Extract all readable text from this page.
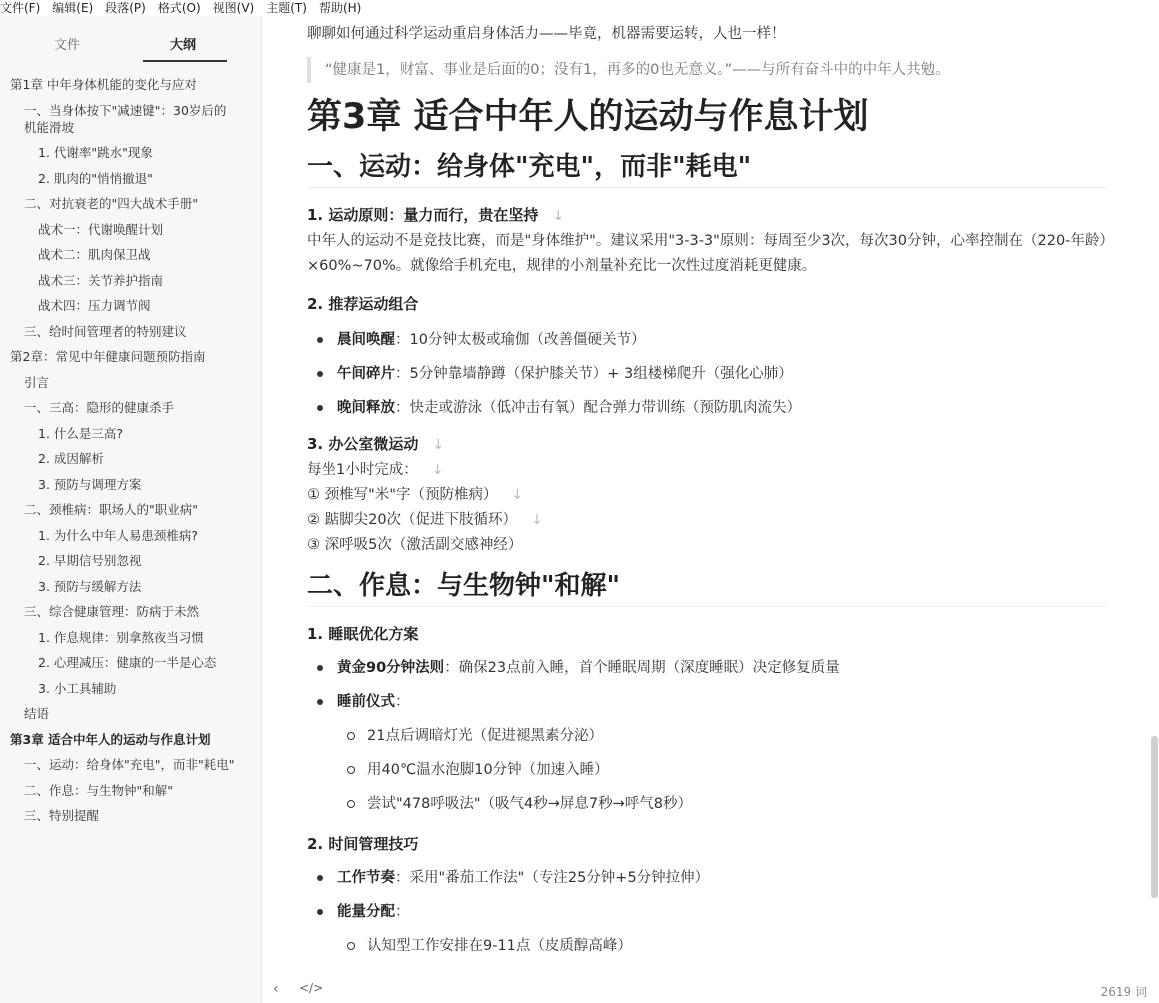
文件(F) 编辑(E) 段落(P) 格式(O) 视图(V) 主题(T) 帮助(H)
文件	大纲
第1章 中年身体机能的变化与应对
一、当身体按下"减速键"：30岁后的机能滑坡
1. 代谢率"跳水"现象
2. 肌肉的"悄悄撤退"
二、对抗衰老的"四大战术手册"
战术一：代谢唤醒计划
战术二：肌肉保卫战
战术三：关节养护指南
战术四：压力调节阀
三、给时间管理者的特别建议
第2章：常见中年健康问题预防指南
引言
一、三高：隐形的健康杀手
1. 什么是三高?
2. 成因解析
3. 预防与调理方案
二、颈椎病：职场人的"职业病"
1. 为什么中年人易患颈椎病?
2. 早期信号别忽视
3. 预防与缓解方法
三、综合健康管理：防病于未然
1. 作息规律：别拿熬夜当习惯
2. 心理减压：健康的一半是心态
3. 小工具辅助
结语
第3章 适合中年人的运动与作息计划
一、运动：给身体"充电"，而非"耗电"
二、作息：与生物钟"和解"
三、特别提醒

聊聊如何通过科学运动重启身体活力——毕竟，机器需要运转，人也一样！

“健康是1，财富、事业是后面的0；没有1，再多的0也无意义。”——与所有奋斗中的中年人共勉。
第3章 适合中年人的运动与作息计划
一、运动：给身体"充电"，而非"耗电"
1. 运动原则：量力而行，贵在坚持 ↓

中年人的运动不是竞技比赛，而是"身体维护"。建议采用"3-3-3"原则：每周至少3次，每次30分钟，心率控制在（220-年龄）×60%~70%。就像给手机充电，规律的小剂量补充比一次性过度消耗更健康。

2. 推荐运动组合
晨间唤醒：10分钟太极或瑜伽（改善僵硬关节）
午间碎片：5分钟靠墙静蹲（保护膝关节）+ 3组楼梯爬升（强化心肺）
晚间释放：快走或游泳（低冲击有氧）配合弹力带训练（预防肌肉流失）
3. 办公室微运动 ↓

每坐1小时完成： ↓

① 颈椎写"米"字（预防椎病） ↓

② 踮脚尖20次（促进下肢循环） ↓

③ 深呼吸5次（激活副交感神经）

二、作息：与生物钟"和解"
1. 睡眠优化方案
黄金90分钟法则：确保23点前入睡，首个睡眠周期（深度睡眠）决定修复质量
睡前仪式：
21点后调暗灯光（促进褪黑素分泌）
用40℃温水泡脚10分钟（加速入睡）
尝试"478呼吸法"（吸气4秒→屏息7秒→呼气8秒）
2. 时间管理技巧
工作节奏：采用"番茄工作法"（专注25分钟+5分钟拉伸）
能量分配：
认知型工作安排在9-11点（皮质醇高峰）
‹ </>	2619 词
